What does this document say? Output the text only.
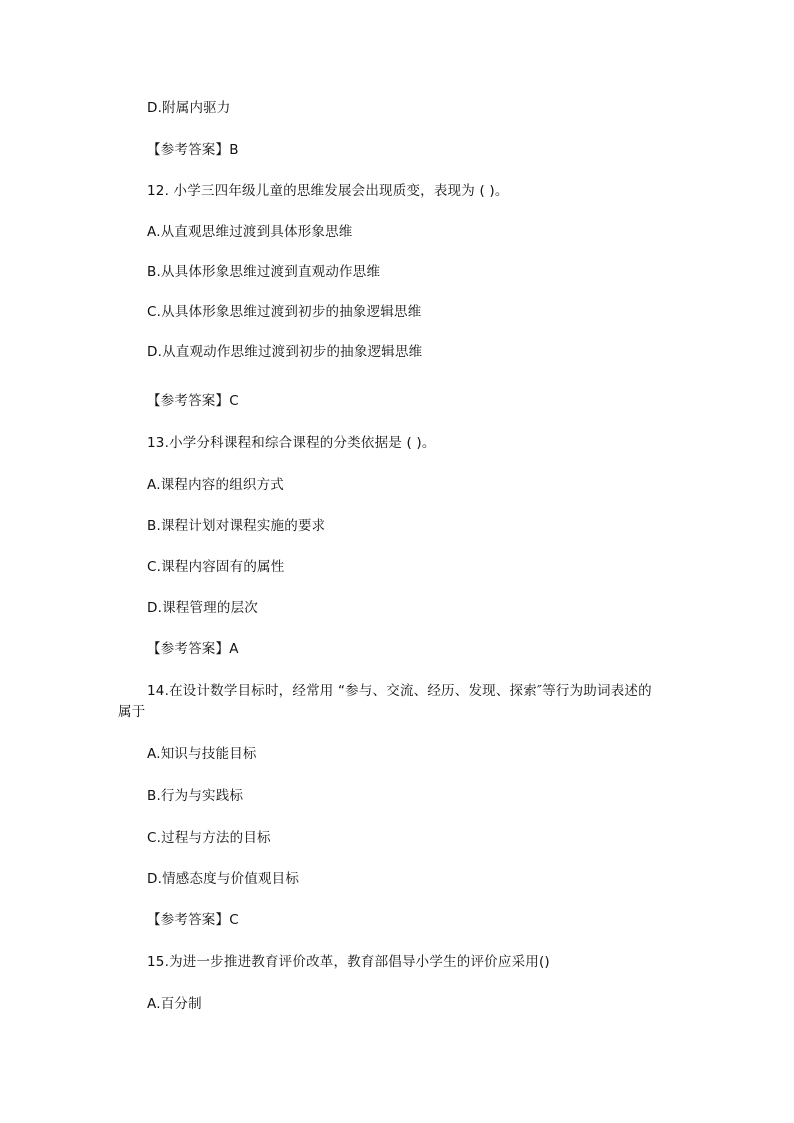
D.附属内驱力
【参考答案】B
12. 小学三四年级儿童的思维发展会出现质变，表现为 ( )。
A.从直观思维过渡到具体形象思维
B.从具体形象思维过渡到直观动作思维
C.从具体形象思维过渡到初步的抽象逻辑思维
D.从直观动作思维过渡到初步的抽象逻辑思维
【参考答案】C
13.小学分科课程和综合课程的分类依据是 ( )。
A.课程内容的组织方式
B.课程计划对课程实施的要求
C.课程内容固有的属性
D.课程管理的层次
【参考答案】A
14.在设计数学目标时，经常用 “参与、交流、经历、发现、探索″等行为助词表述的
属于
A.知识与技能目标
B.行为与实践标
C.过程与方法的目标
D.情感态度与价值观目标
【参考答案】C
15.为进一步推进教育评价改革，教育部倡导小学生的评价应采用()
A.百分制
